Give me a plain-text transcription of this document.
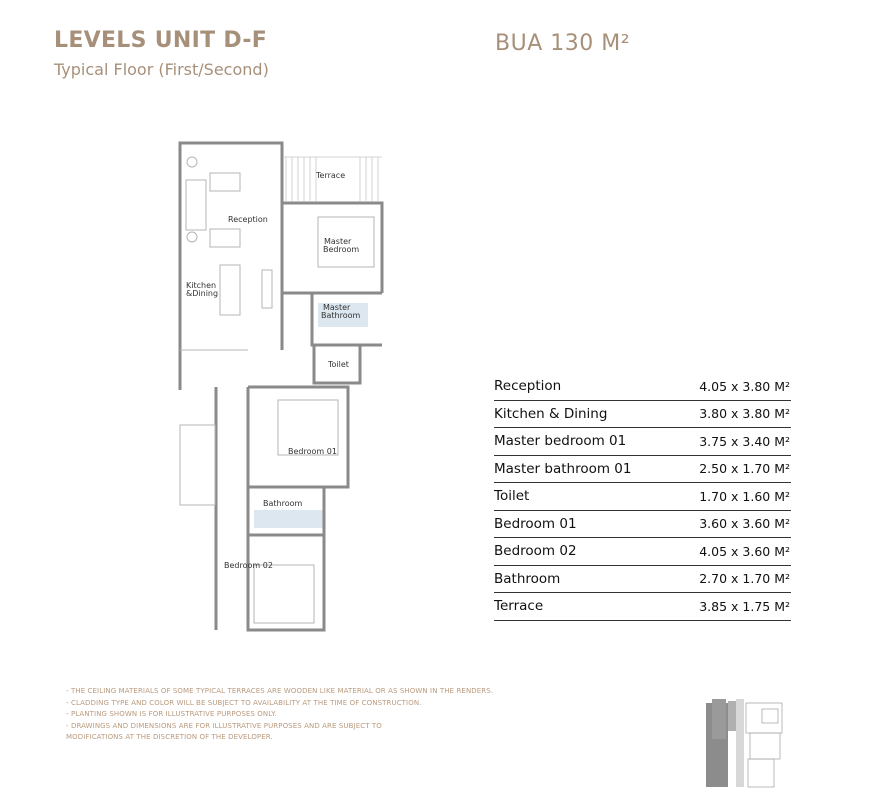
LEVELS UNIT D-F
Typical Floor (First/Second)
BUA 130 M²
Terrace
Reception
Master
Bedroom
Kitchen
&Dining
Master
Bathroom
Toilet
Bedroom 01
Bathroom
Bedroom 02
Reception	4.05 x 3.80 M²
Kitchen & Dining	3.80 x 3.80 M²
Master bedroom 01	3.75 x 3.40 M²
Master bathroom 01	2.50 x 1.70 M²
Toilet	1.70 x 1.60 M²
Bedroom 01	3.60 x 3.60 M²
Bedroom 02	4.05 x 3.60 M²
Bathroom	2.70 x 1.70 M²
Terrace	3.85 x 1.75 M²
- THE CEILING MATERIALS OF SOME TYPICAL TERRACES ARE WOODEN LIKE MATERIAL OR AS SHOWN IN THE RENDERS.
- CLADDING TYPE AND COLOR WILL BE SUBJECT TO AVAILABILITY AT THE TIME OF CONSTRUCTION.
- PLANTING SHOWN IS FOR ILLUSTRATIVE PURPOSES ONLY.
- DRAWINGS AND DIMENSIONS ARE FOR ILLUSTRATIVE PURPOSES AND ARE SUBJECT TO
MODIFICATIONS AT THE DISCRETION OF THE DEVELOPER.
